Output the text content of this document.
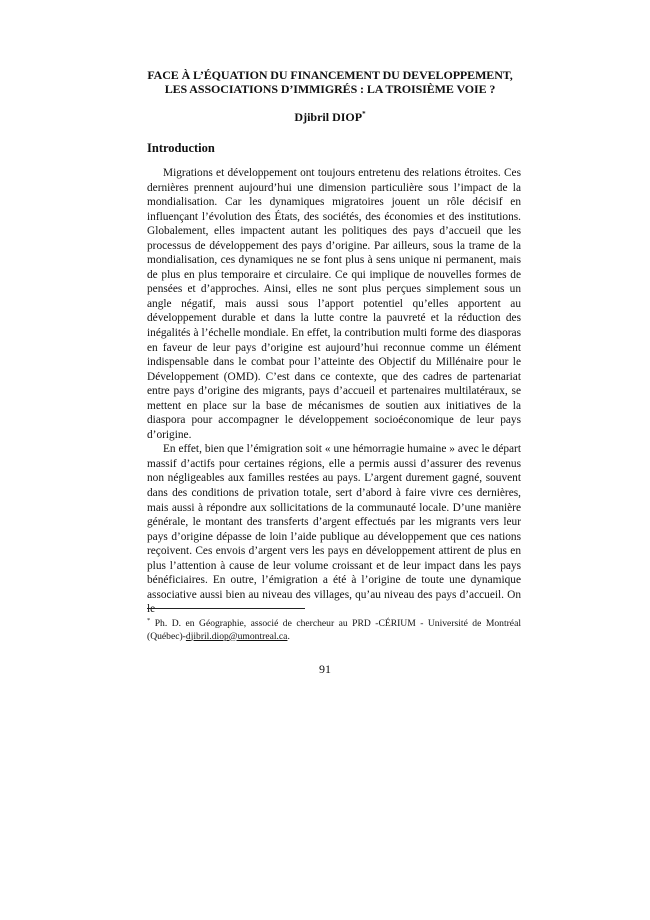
FACE À L’ÉQUATION DU FINANCEMENT DU DEVELOPPEMENT,
LES ASSOCIATIONS D’IMMIGRÉS : LA TROISIÈME VOIE ?
Djibril DIOP*
Introduction

Migrations et développement ont toujours entretenu des relations étroites. Ces dernières prennent aujourd’hui une dimension particulière sous l’impact de la mondialisation. Car les dynamiques migratoires jouent un rôle décisif en influençant l’évolution des États, des sociétés, des économies et des institutions. Globalement, elles impactent autant les politiques des pays d’accueil que les processus de développement des pays d’origine. Par ailleurs, sous la trame de la mondialisation, ces dynamiques ne se font plus à sens unique ni permanent, mais de plus en plus temporaire et circulaire. Ce qui implique de nouvelles formes de pensées et d’approches. Ainsi, elles ne sont plus perçues simplement sous un angle négatif, mais aussi sous l’apport potentiel qu’elles apportent au développement durable et dans la lutte contre la pauvreté et la réduction des inégalités à l’échelle mondiale. En effet, la contribution multi forme des diasporas en faveur de leur pays d’origine est aujourd’hui reconnue comme un élément indispensable dans le combat pour l’atteinte des Objectif du Millénaire pour le Développement (OMD). C’est dans ce contexte, que des cadres de partenariat entre pays d’origine des migrants, pays d’accueil et partenaires multilatéraux, se mettent en place sur la base de mécanismes de soutien aux initiatives de la diaspora pour accompagner le développement socioéconomique de leur pays d’origine.

En effet, bien que l’émigration soit « une hémorragie humaine » avec le départ massif d’actifs pour certaines régions, elle a permis aussi d’assurer des revenus non négligeables aux familles restées au pays. L’argent durement gagné, souvent dans des conditions de privation totale, sert d’abord à faire vivre ces dernières, mais aussi à répondre aux sollicitations de la communauté locale. D’une manière générale, le montant des transferts d’argent effectués par les migrants vers leur pays d’origine dépasse de loin l’aide publique au développement que ces nations reçoivent. Ces envois d’argent vers les pays en développement attirent de plus en plus l’attention à cause de leur volume croissant et de leur impact dans les pays bénéficiaires. En outre, l’émigration a été à l’origine de toute une dynamique associative aussi bien au niveau des villages, qu’au niveau des pays d’accueil. On le

* Ph. D. en Géographie, associé de chercheur au PRD -CÉRIUM - Université de Montréal (Québec)-djibril.diop@umontreal.ca.
91
